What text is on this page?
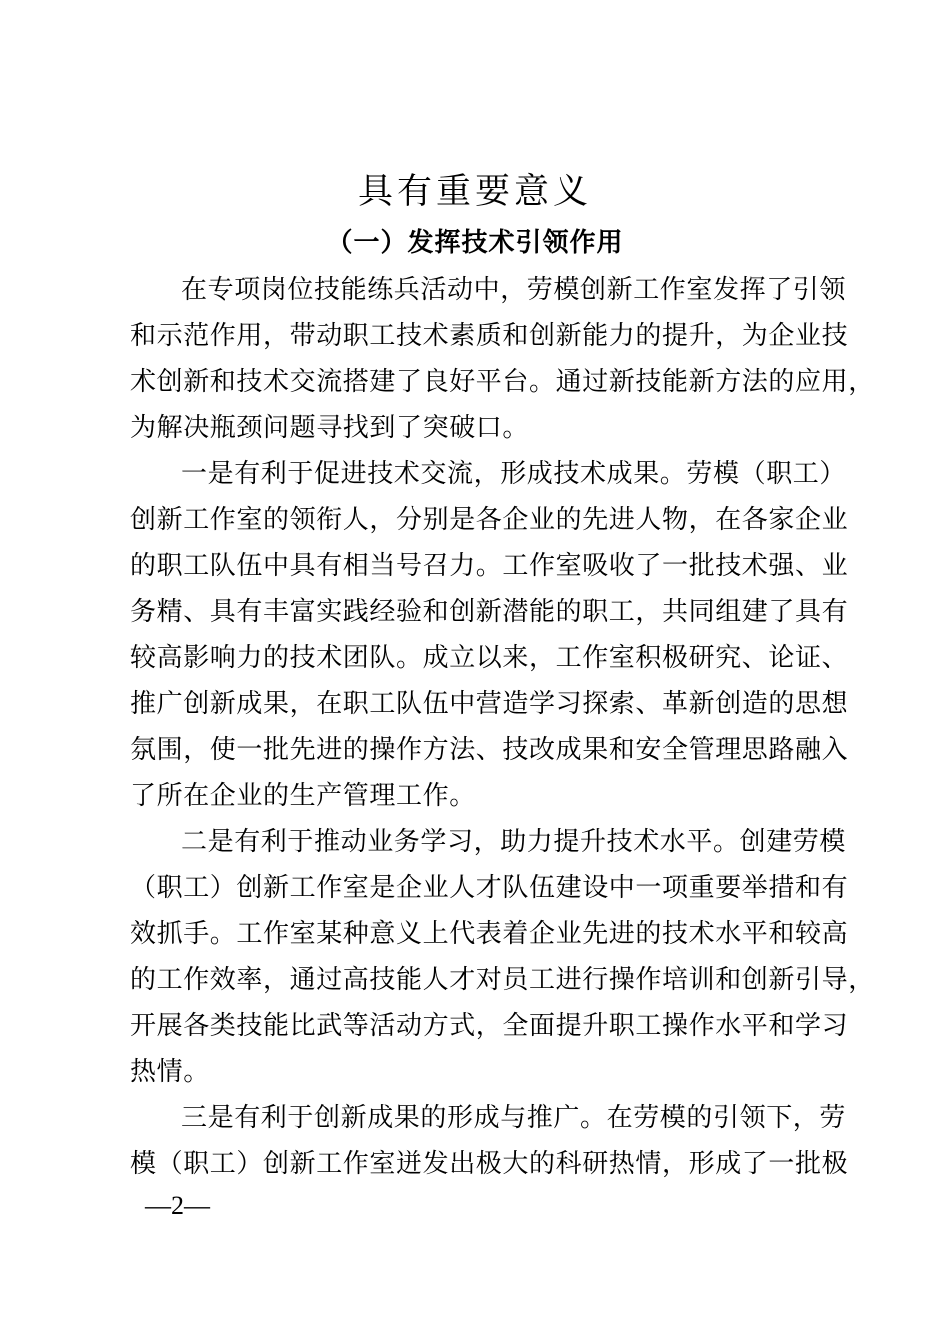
具有重要意义
（一）发挥技术引领作用
在专项岗位技能练兵活动中，劳模创新工作室发挥了引领
和示范作用，带动职工技术素质和创新能力的提升，为企业技
术创新和技术交流搭建了良好平台。通过新技能新方法的应用，
为解决瓶颈问题寻找到了突破口。
一是有利于促进技术交流，形成技术成果。劳模（职工）
创新工作室的领衔人，分别是各企业的先进人物，在各家企业
的职工队伍中具有相当号召力。工作室吸收了一批技术强、业
务精、具有丰富实践经验和创新潜能的职工，共同组建了具有
较高影响力的技术团队。成立以来，工作室积极研究、论证、
推广创新成果，在职工队伍中营造学习探索、革新创造的思想
氛围，使一批先进的操作方法、技改成果和安全管理思路融入
了所在企业的生产管理工作。
二是有利于推动业务学习，助力提升技术水平。创建劳模
（职工）创新工作室是企业人才队伍建设中一项重要举措和有
效抓手。工作室某种意义上代表着企业先进的技术水平和较高
的工作效率，通过高技能人才对员工进行操作培训和创新引导，
开展各类技能比武等活动方式，全面提升职工操作水平和学习
热情。
三是有利于创新成果的形成与推广。在劳模的引领下，劳
模（职工）创新工作室迸发出极大的科研热情，形成了一批极
—2—
